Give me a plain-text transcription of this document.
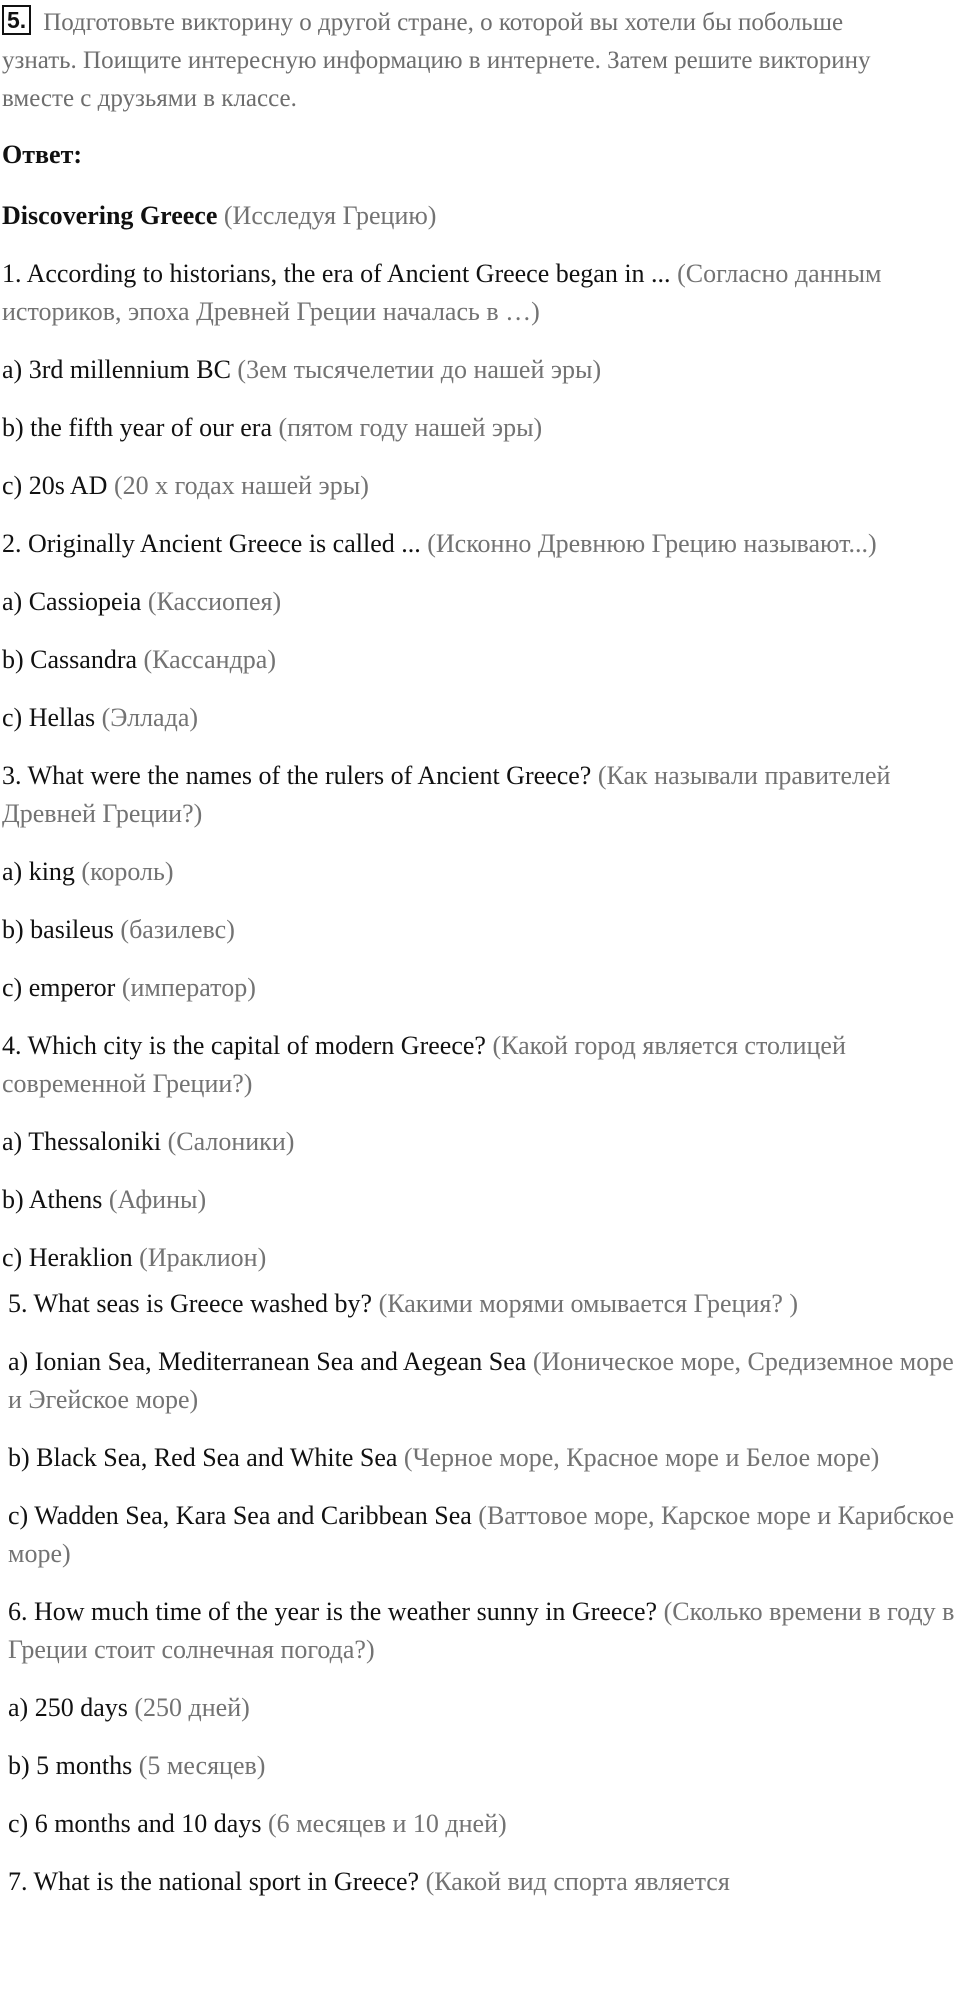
5. Подготовьте викторину о другой стране, о которой вы хотели бы побольше узнать. Поищите интересную информацию в интернете. Затем решите викторину вместе с друзьями в классе.
Ответ:

Discovering Greece (Исследуя Грецию)

1. According to historians, the era of Ancient Greece began in ... (Согласно данным историков, эпоха Древней Греции началась в …)

a) 3rd millennium BC (3ем тысячелетии до нашей эры)

b) the fifth year of our era (пятом году нашей эры)

c) 20s AD (20 х годах нашей эры)

2. Originally Ancient Greece is called ... (Исконно Древнюю Грецию называют...)

a) Cassiopeia (Кассиопея)

b) Cassandra (Кассандра)

c) Hellas (Эллада)

3. What were the names of the rulers of Ancient Greece? (Как называли правителей Древней Греции?)

a) king (король)

b) basileus (базилевс)

c) emperor (император)

4. Which city is the capital of modern Greece? (Какой город является столицей современной Греции?)

a) Thessaloniki (Салоники)

b) Athens (Афины)

c) Heraklion (Ираклион)

5. What seas is Greece washed by? (Какими морями омывается Греция? )

a) Ionian Sea, Mediterranean Sea and Aegean Sea (Ионическое море, Средиземное море и Эгейское море)

b) Black Sea, Red Sea and White Sea (Черное море, Красное море и Белое море)

c) Wadden Sea, Kara Sea and Caribbean Sea (Ваттовое море, Карское море и Карибское море)

6. How much time of the year is the weather sunny in Greece? (Сколько времени в году в Греции стоит солнечная погода?)

a) 250 days (250 дней)

b) 5 months (5 месяцев)

c) 6 months and 10 days (6 месяцев и 10 дней)

7. What is the national sport in Greece? (Какой вид спорта является
